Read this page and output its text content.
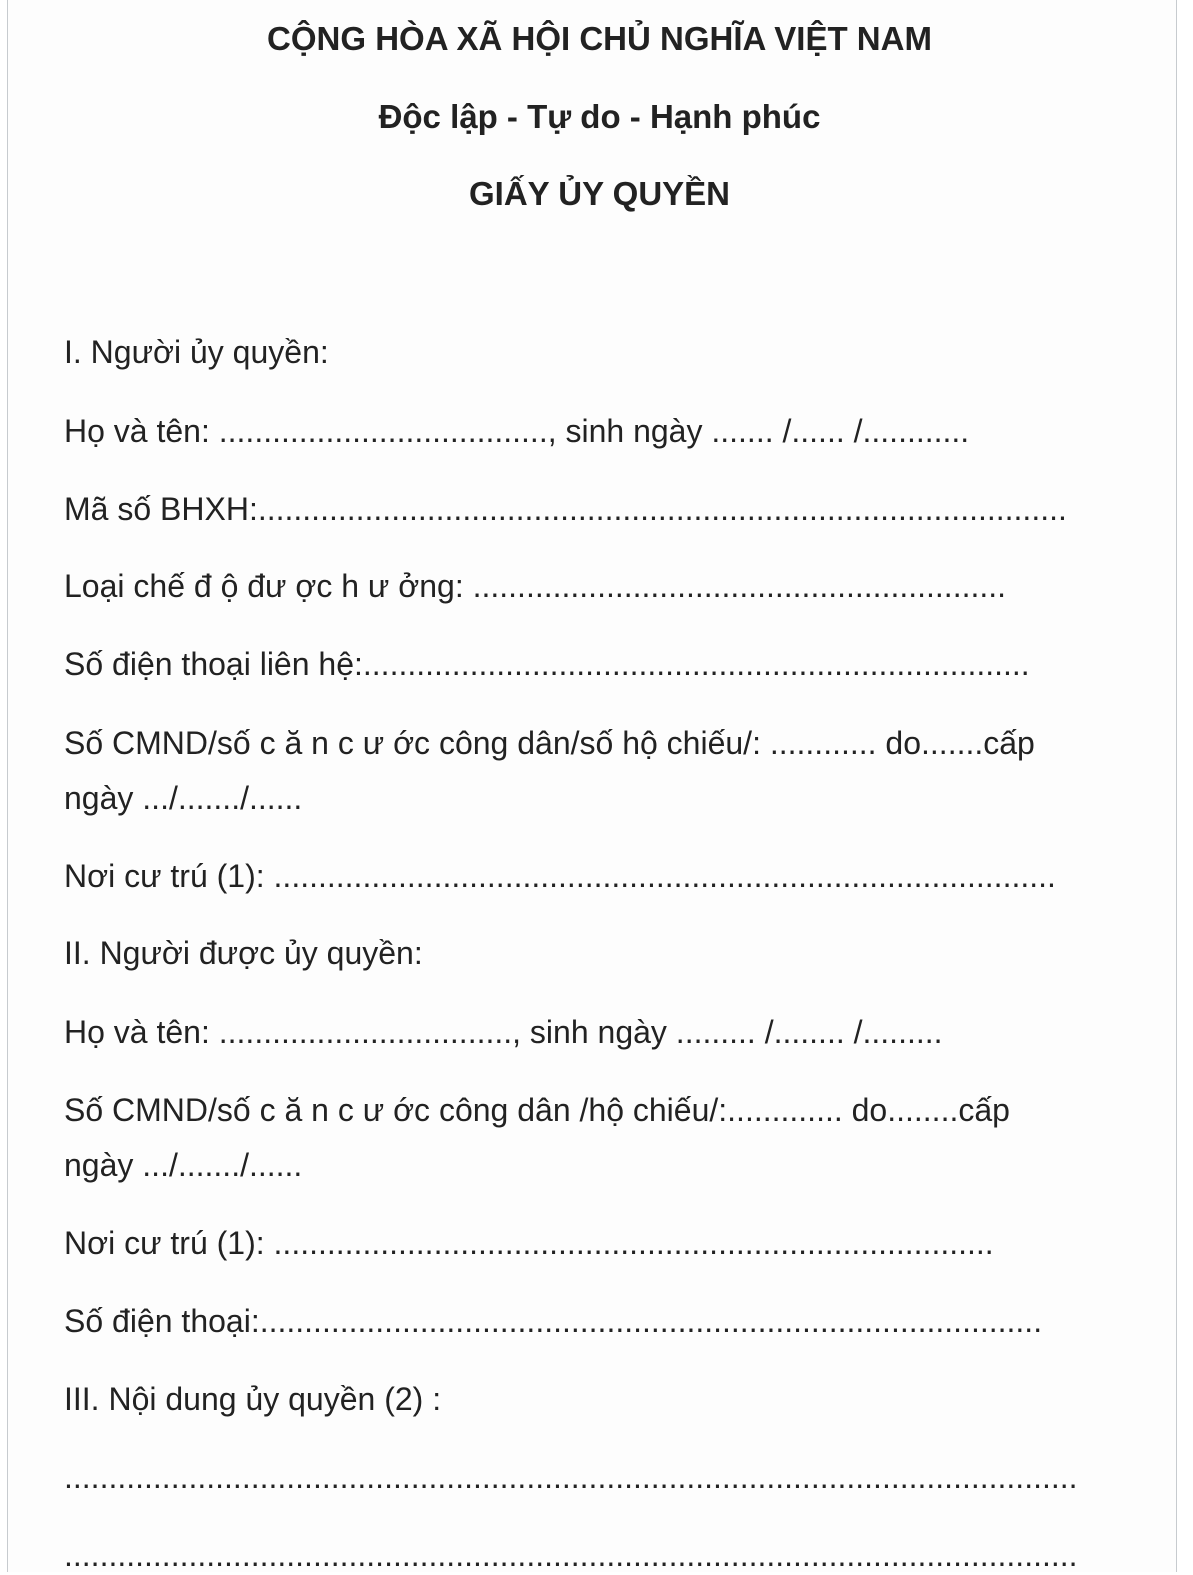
CỘNG HÒA XÃ HỘI CHỦ NGHĨA VIỆT NAM
Độc lập - Tự do - Hạnh phúc
GIẤY ỦY QUYỀN
I. Người ủy quyền:
Họ và tên: ....................................., sinh ngày ....... /...... /............
Mã số BHXH:...........................................................................................
Loại chế đ ộ đư ợc h ư ởng: ............................................................
Số điện thoại liên hệ:...........................................................................
Số CMND/số c ă n c ư ớc công dân/số hộ chiếu/: ............ do.......cấp
ngày .../......./......
Nơi cư trú (1): ........................................................................................
II. Người được ủy quyền:
Họ và tên: ................................., sinh ngày ......... /........ /.........
Số CMND/số c ă n c ư ớc công dân /hộ chiếu/:............. do........cấp
ngày .../......./......
Nơi cư trú (1): .................................................................................
Số điện thoại:........................................................................................
III. Nội dung ủy quyền (2) :
..................................................................................................................
..................................................................................................................
